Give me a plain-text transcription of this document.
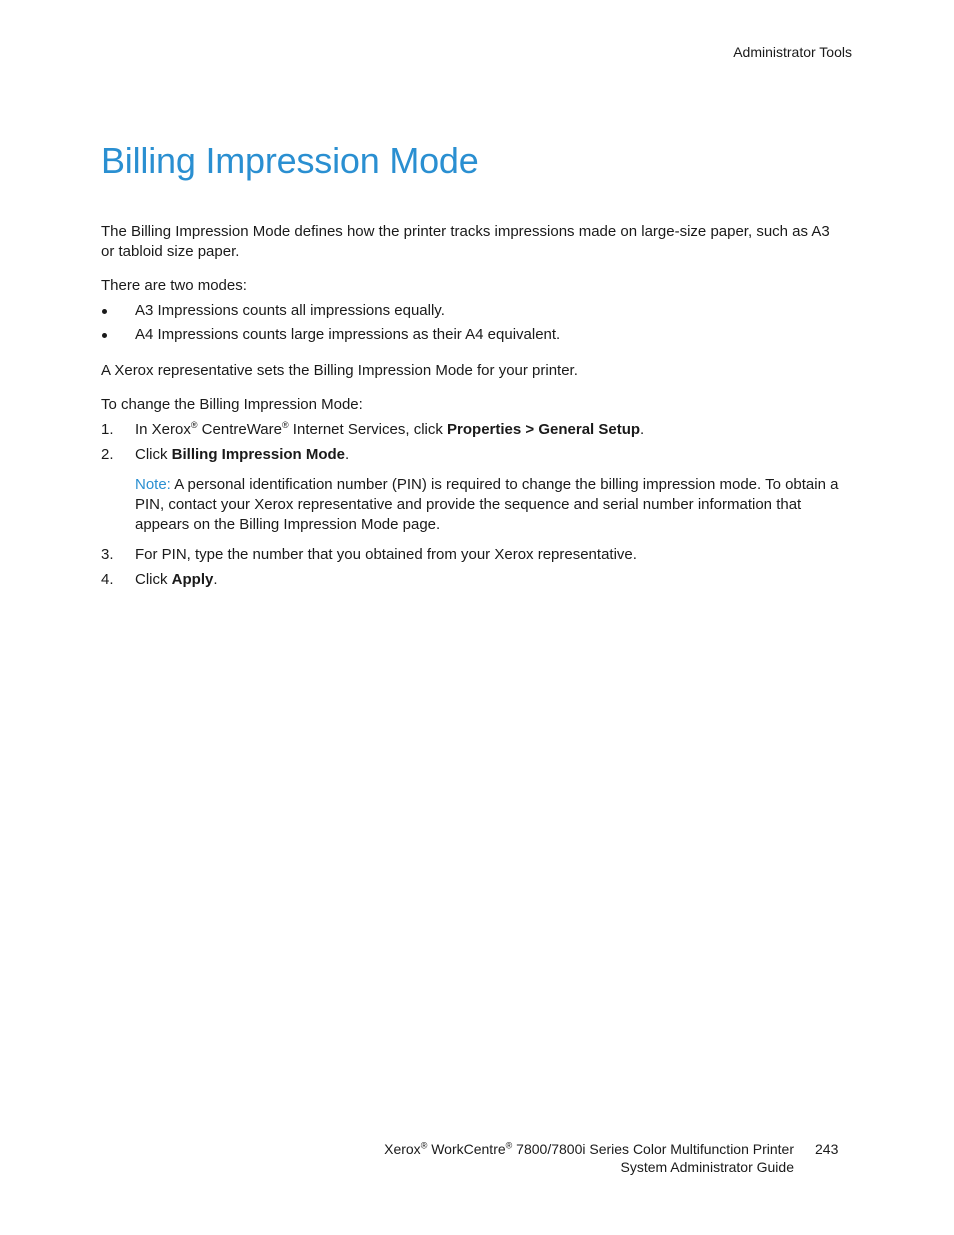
Administrator Tools
Billing Impression Mode

The Billing Impression Mode defines how the printer tracks impressions made on large-size paper, such as A3 or tabloid size paper.

There are two modes:

A3 Impressions counts all impressions equally.
A4 Impressions counts large impressions as their A4 equivalent.

A Xerox representative sets the Billing Impression Mode for your printer.

To change the Billing Impression Mode:

1. In Xerox® CentreWare® Internet Services, click Properties > General Setup.
2. Click Billing Impression Mode.

Note: A personal identification number (PIN) is required to change the billing impression mode. To obtain a PIN, contact your Xerox representative and provide the sequence and serial number information that appears on the Billing Impression Mode page.

3. For PIN, type the number that you obtained from your Xerox representative.
4. Click Apply.
Xerox® WorkCentre® 7800/7800i Series Color Multifunction Printer
System Administrator Guide
243
